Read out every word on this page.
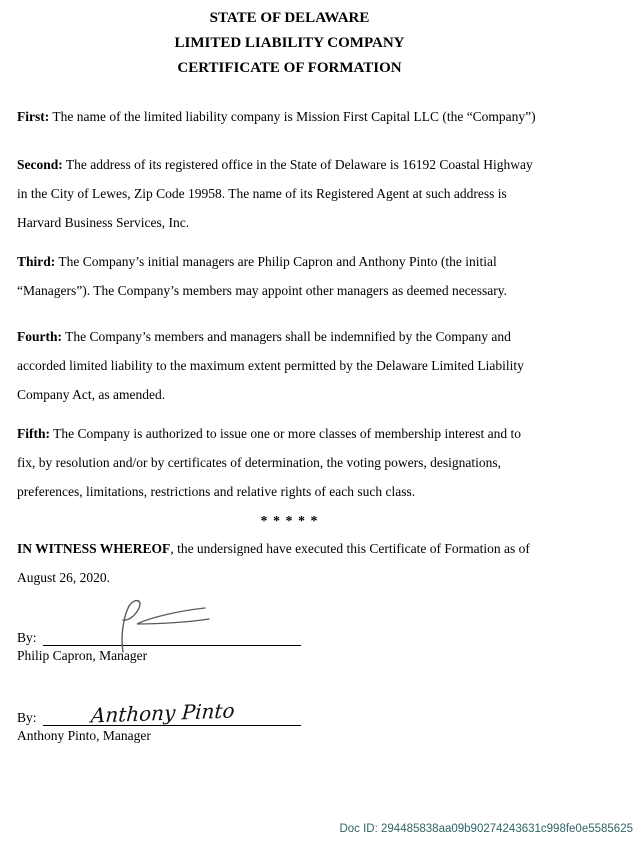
STATE OF DELAWARE
LIMITED LIABILITY COMPANY
CERTIFICATE OF FORMATION
First: The name of the limited liability company is Mission First Capital LLC (the “Company”)
Second: The address of its registered office in the State of Delaware is 16192 Coastal Highway
in the City of Lewes, Zip Code 19958. The name of its Registered Agent at such address is
Harvard Business Services, Inc.
Third: The Company’s initial managers are Philip Capron and Anthony Pinto (the initial
“Managers”). The Company’s members may appoint other managers as deemed necessary.
Fourth: The Company’s members and managers shall be indemnified by the Company and
accorded limited liability to the maximum extent permitted by the Delaware Limited Liability
Company Act, as amended.
Fifth: The Company is authorized to issue one or more classes of membership interest and to
fix, by resolution and/or by certificates of determination, the voting powers, designations,
preferences, limitations, restrictions and relative rights of each such class.
* * * * *
IN WITNESS WHEREOF, the undersigned have executed this Certificate of Formation as of
August 26, 2020.
By:
Philip Capron, Manager
By:	Anthony Pinto
Anthony Pinto, Manager
Doc ID: 294485838aa09b90274243631c998fe0e5585625
